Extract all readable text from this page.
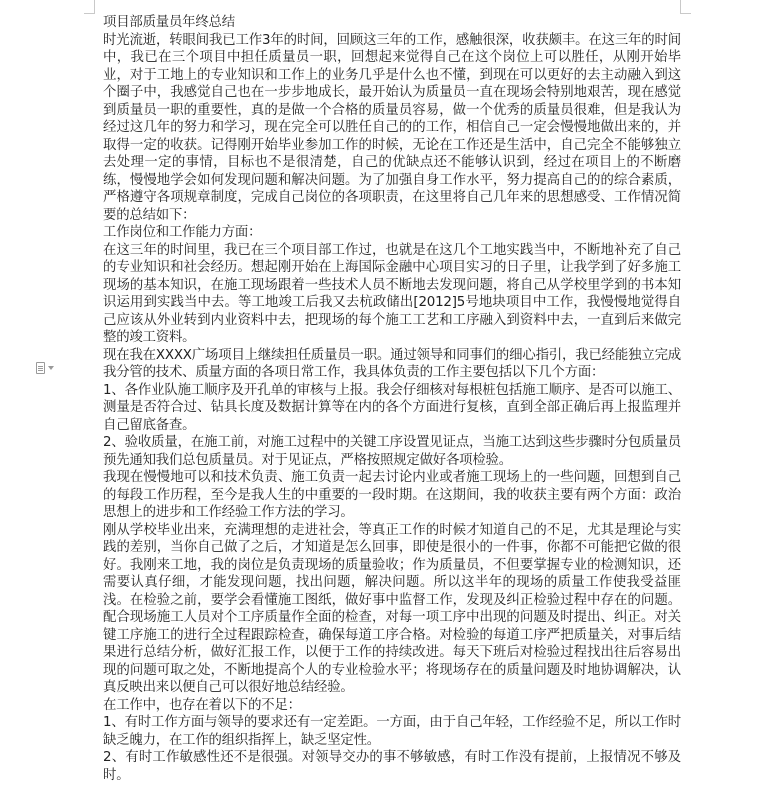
项目部质量员年终总结

时光流逝，转眼间我已工作3年的时间，回顾这三年的工作，感触很深，收获颇丰。在这三年的时间中，我已在三个项目中担任质量员一职，回想起来觉得自己在这个岗位上可以胜任，从刚开始毕业，对于工地上的专业知识和工作上的业务几乎是什么也不懂，到现在可以更好的去主动融入到这个圈子中，我感觉自己也在一步步地成长，最开始认为质量员一直在现场会特别地艰苦，现在感觉到质量员一职的重要性，真的是做一个合格的质量员容易，做一个优秀的质量员很难，但是我认为经过这几年的努力和学习，现在完全可以胜任自己的的工作，相信自己一定会慢慢地做出来的，并取得一定的收获。记得刚开始毕业参加工作的时候，无论在工作还是生活中，自己完全不能够独立去处理一定的事情，目标也不是很清楚，自己的优缺点还不能够认识到，经过在项目上的不断磨练，慢慢地学会如何发现问题和解决问题。为了加强自身工作水平，努力提高自己的的综合素质，严格遵守各项规章制度，完成自己岗位的各项职责，在这里将自己几年来的思想感受、工作情况简要的总结如下：

工作岗位和工作能力方面：

在这三年的时间里，我已在三个项目部工作过，也就是在这几个工地实践当中，不断地补充了自己的专业知识和社会经历。想起刚开始在上海国际金融中心项目实习的日子里，让我学到了好多施工现场的基本知识，在施工现场跟着一些技术人员不断地去发现问题，将自己从学校里学到的书本知识运用到实践当中去。等工地竣工后我又去杭政储出[2012]5号地块项目中工作，我慢慢地觉得自己应该从外业转到内业资料中去，把现场的每个施工工艺和工序融入到资料中去，一直到后来做完整的竣工资料。

现在我在XXXX广场项目上继续担任质量员一职。通过领导和同事们的细心指引，我已经能独立完成我分管的技术、质量方面的各项日常工作，我具体负责的工作主要包括以下几个方面：

1、各作业队施工顺序及开孔单的审核与上报。我会仔细核对每根桩包括施工顺序、是否可以施工、测量是否符合过、钻具长度及数据计算等在内的各个方面进行复核，直到全部正确后再上报监理并自己留底备查。

2、验收质量，在施工前，对施工过程中的关键工序设置见证点，当施工达到这些步骤时分包质量员预先通知我们总包质量员。对于见证点，严格按照规定做好各项检验。

我现在慢慢地可以和技术负责、施工负责一起去讨论内业或者施工现场上的一些问题，回想到自己的每段工作历程，至今是我人生的中重要的一段时期。在这期间，我的收获主要有两个方面：政治思想上的进步和工作经验工作方法的学习。

刚从学校毕业出来，充满理想的走进社会，等真正工作的时候才知道自己的不足，尤其是理论与实践的差别，当你自己做了之后，才知道是怎么回事，即使是很小的一件事，你都不可能把它做的很好。我刚来工地，我的岗位是负责现场的质量验收；作为质量员，不但要掌握专业的检测知识，还需要认真仔细，才能发现问题，找出问题，解决问题。所以这半年的现场的质量工作使我受益匪浅。在检验之前，要学会看懂施工图纸，做好事中监督工作，发现及纠正检验过程中存在的问题。配合现场施工人员对个工序质量作全面的检查，对每一项工序中出现的问题及时提出、纠正。对关键工序施工的进行全过程跟踪检查，确保每道工序合格。对检验的每道工序严把质量关，对事后结果进行总结分析，做好汇报工作，以便于工作的持续改进。每天下班后对检验过程找出往后容易出现的问题可取之处，不断地提高个人的专业检验水平；将现场存在的质量问题及时地协调解决，认真反映出来以便自己可以很好地总结经验。

在工作中，也存在着以下的不足：

1、有时工作方面与领导的要求还有一定差距。一方面，由于自己年轻，工作经验不足，所以工作时缺乏魄力，在工作的组织指挥上，缺乏坚定性。

2、有时工作敏感性还不是很强。对领导交办的事不够敏感，有时工作没有提前，上报情况不够及时。
